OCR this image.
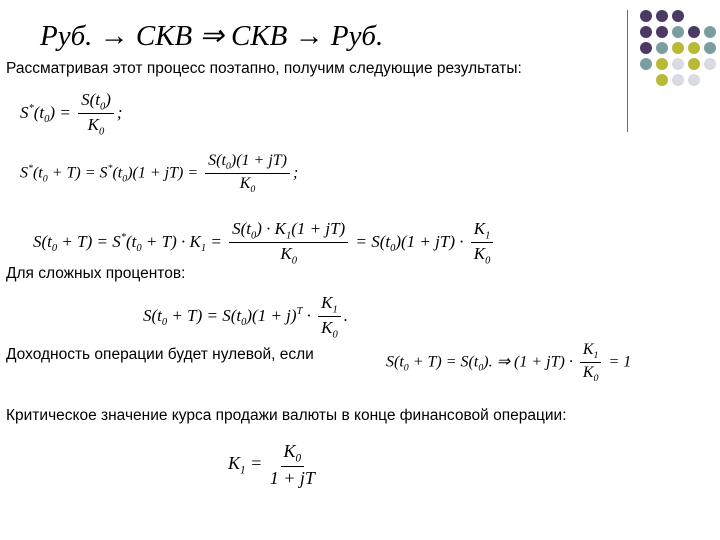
Руб. → СКВ ⇒ СКВ → Руб.
Рассматривая этот процесс поэтапно, получим следующие результаты:
$S^*(t_0) = \frac{S(t_0)}{K_0}$ ;
$S^*(t_0 + T) = S^*(t_0)(1 + jT) = \frac{S(t_0)(1 + jT)}{K_0}$ ;
$S(t_0 + T) = S^*(t_0 + T) \cdot K_1 = \frac{S(t_0) \cdot K_1(1 + jT)}{K_0} = S(t_0)(1 + jT) \cdot \frac{K_1}{K_0}$
Для сложных процентов:
$S(t_0 + T) = S(t_0)(1 + j)^T \cdot \frac{K_1}{K_0}$ .
Доходность операции будет нулевой, если	$S(t_0 + T) = S(t_0)$. ⇒ $(1 + jT) \cdot \frac{K_1}{K_0} = 1$
Критическое значение курса продажи валюты в конце финансовой операции:
$K_1 = \frac{K_0}{1 + jT}$
